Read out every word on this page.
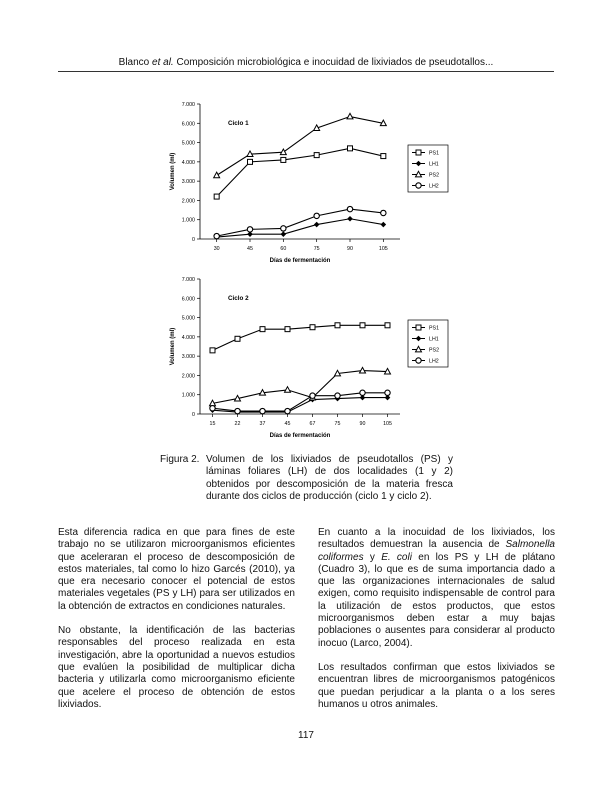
Blanco et al. Composición microbiológica e inocuidad de lixiviados de pseudotallos...
0
1.000
2.000
3.000
4.000
5.000
6.000
7.000
30	45	60	75	90	105
Días de fermentación
Volumen (ml)
Ciclo 1
PS1
LH1
PS2
LH2
0
1.000
2.000
3.000
4.000
5.000
6.000
7.000
15	22	37	45	67	75	90	105
Días de fermentación
Volumen (ml)
Ciclo 2
PS1
LH1
PS2
LH2
Figura 2. Volumen de los lixiviados de pseudotallos (PS) y láminas foliares (LH) de dos localidades (1 y 2) obtenidos por descomposición de la materia fresca durante dos ciclos de producción (ciclo 1 y ciclo 2).

Esta diferencia radica en que para fines de este trabajo no se utilizaron microorganismos eficientes que aceleraran el proceso de descomposición de estos materiales, tal como lo hizo Garcés (2010), ya que era necesario conocer el potencial de estos materiales vegetales (PS y LH) para ser utilizados en la obtención de extractos en condiciones naturales.

No obstante, la identificación de las bacterias responsables del proceso realizada en esta investigación, abre la oportunidad a nuevos estudios que evalúen la posibilidad de multiplicar dicha bacteria y utilizarla como microorganismo eficiente que acelere el proceso de obtención de estos lixiviados.

En cuanto a la inocuidad de los lixiviados, los resultados demuestran la ausencia de Salmonella coliformes y E. coli en los PS y LH de plátano (Cuadro 3), lo que es de suma importancia dado a que las organizaciones internacionales de salud exigen, como requisito indispensable de control para la utilización de estos productos, que estos microorganismos deben estar a muy bajas poblaciones o ausentes para considerar al producto inocuo (Larco, 2004).

Los resultados confirman que estos lixiviados se encuentran libres de microorganismos patogénicos que puedan perjudicar a la planta o a los seres humanos u otros animales.

117
